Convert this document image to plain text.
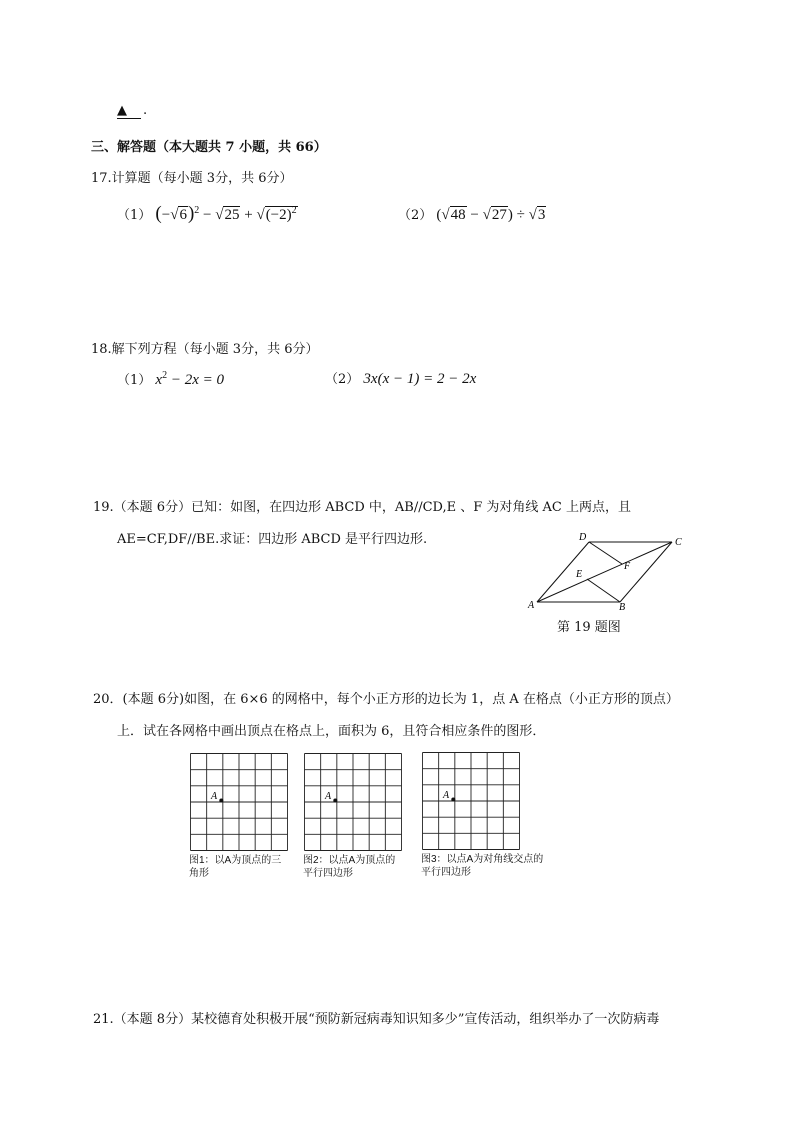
▲ .
三、解答题（本大题共 7 小题，共 66）
17.计算题（每小题 3分，共 6分）
（1） $(-√6)^2 - √25 + √(-2)^2$	（2） (√48 − √27) ÷ √3
18.解下列方程（每小题 3分，共 6分）
（1） $x^2 - 2x = 0$	（2） 3x(x − 1) = 2 − 2x
19.（本题 6分）已知：如图，在四边形 ABCD 中，AB//CD,E 、F 为对角线 AC 上两点，且
AE=CF,DF//BE.求证：四边形 ABCD 是平行四边形.
A	B
C
D
E
F
第 19 题图
20．(本题 6分)如图，在 6×6 的网格中，每个小正方形的边长为 1，点 A 在格点（小正方形的顶点）
上．试在各网格中画出顶点在格点上，面积为 6，且符合相应条件的图形．
A
图1：以A为顶点的三角形
A
图2：以点A为顶点的平行四边形
A
图3：以点A为对角线交点的平行四边形
21.（本题 8分）某校德育处积极开展“预防新冠病毒知识知多少”宣传活动，组织举办了一次防病毒
